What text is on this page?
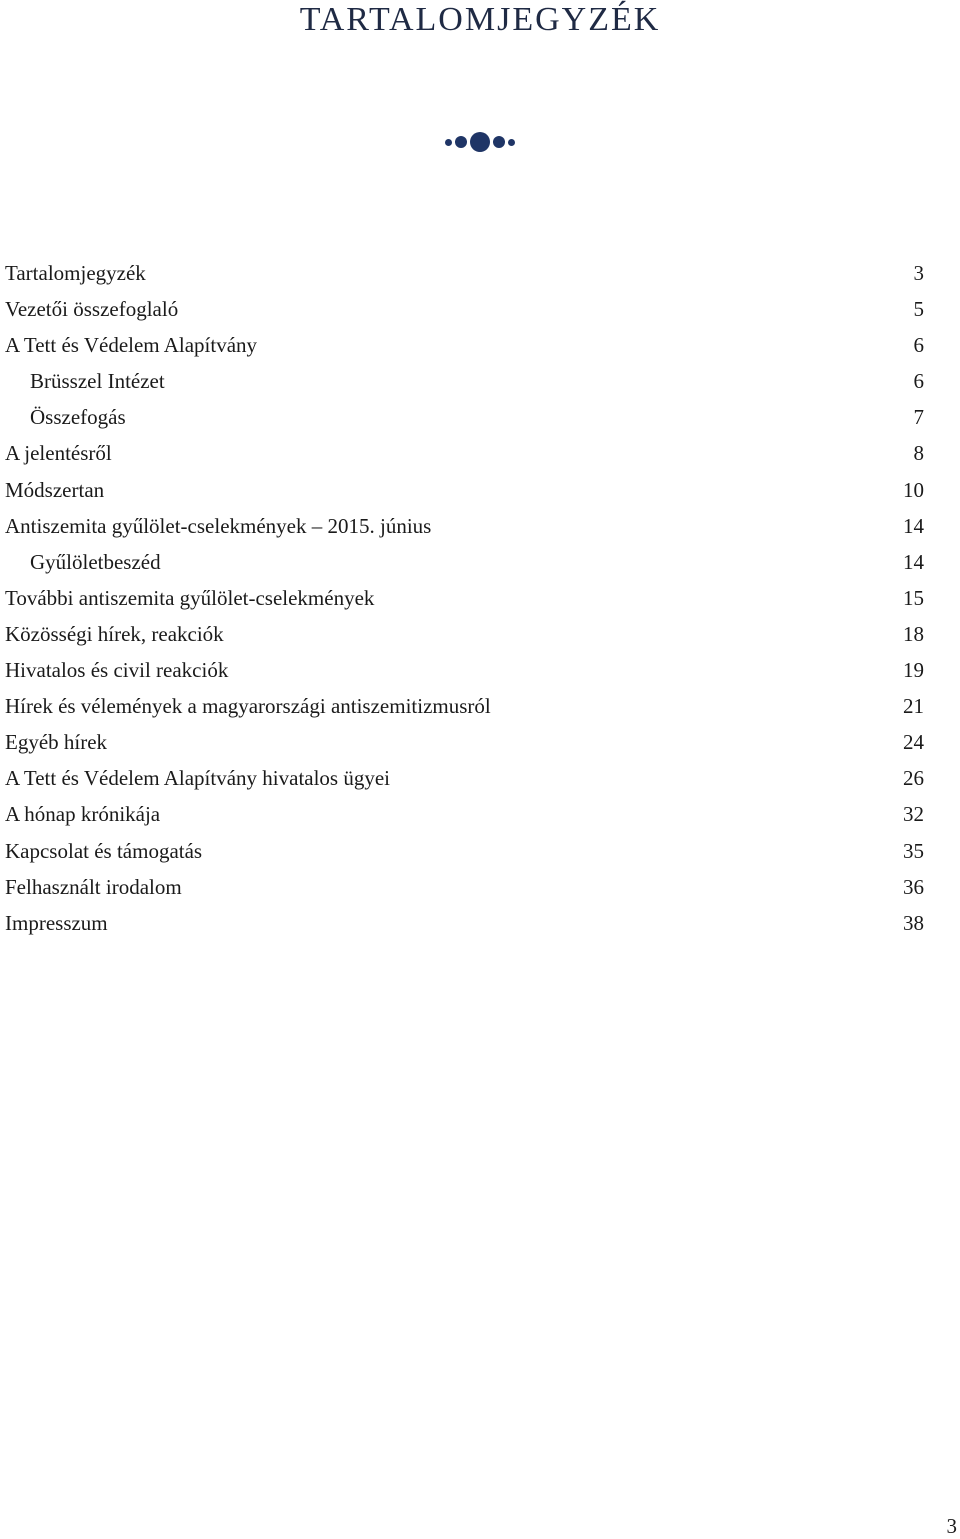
TARTALOMJEGYZÉK
Tartalomjegyzék	3
Vezetői összefoglaló	5
A Tett és Védelem Alapítvány	6
Brüsszel Intézet	6
Összefogás	7
A jelentésről	8
Módszertan	10
Antiszemita gyűlölet-cselekmények – 2015. június	14
Gyűlöletbeszéd	14
További antiszemita gyűlölet-cselekmények	15
Közösségi hírek, reakciók	18
Hivatalos és civil reakciók	19
Hírek és vélemények a magyarországi antiszemitizmusról	21
Egyéb hírek	24
A Tett és Védelem Alapítvány hivatalos ügyei	26
A hónap krónikája	32
Kapcsolat és támogatás	35
Felhasznált irodalom	36
Impresszum	38
3
